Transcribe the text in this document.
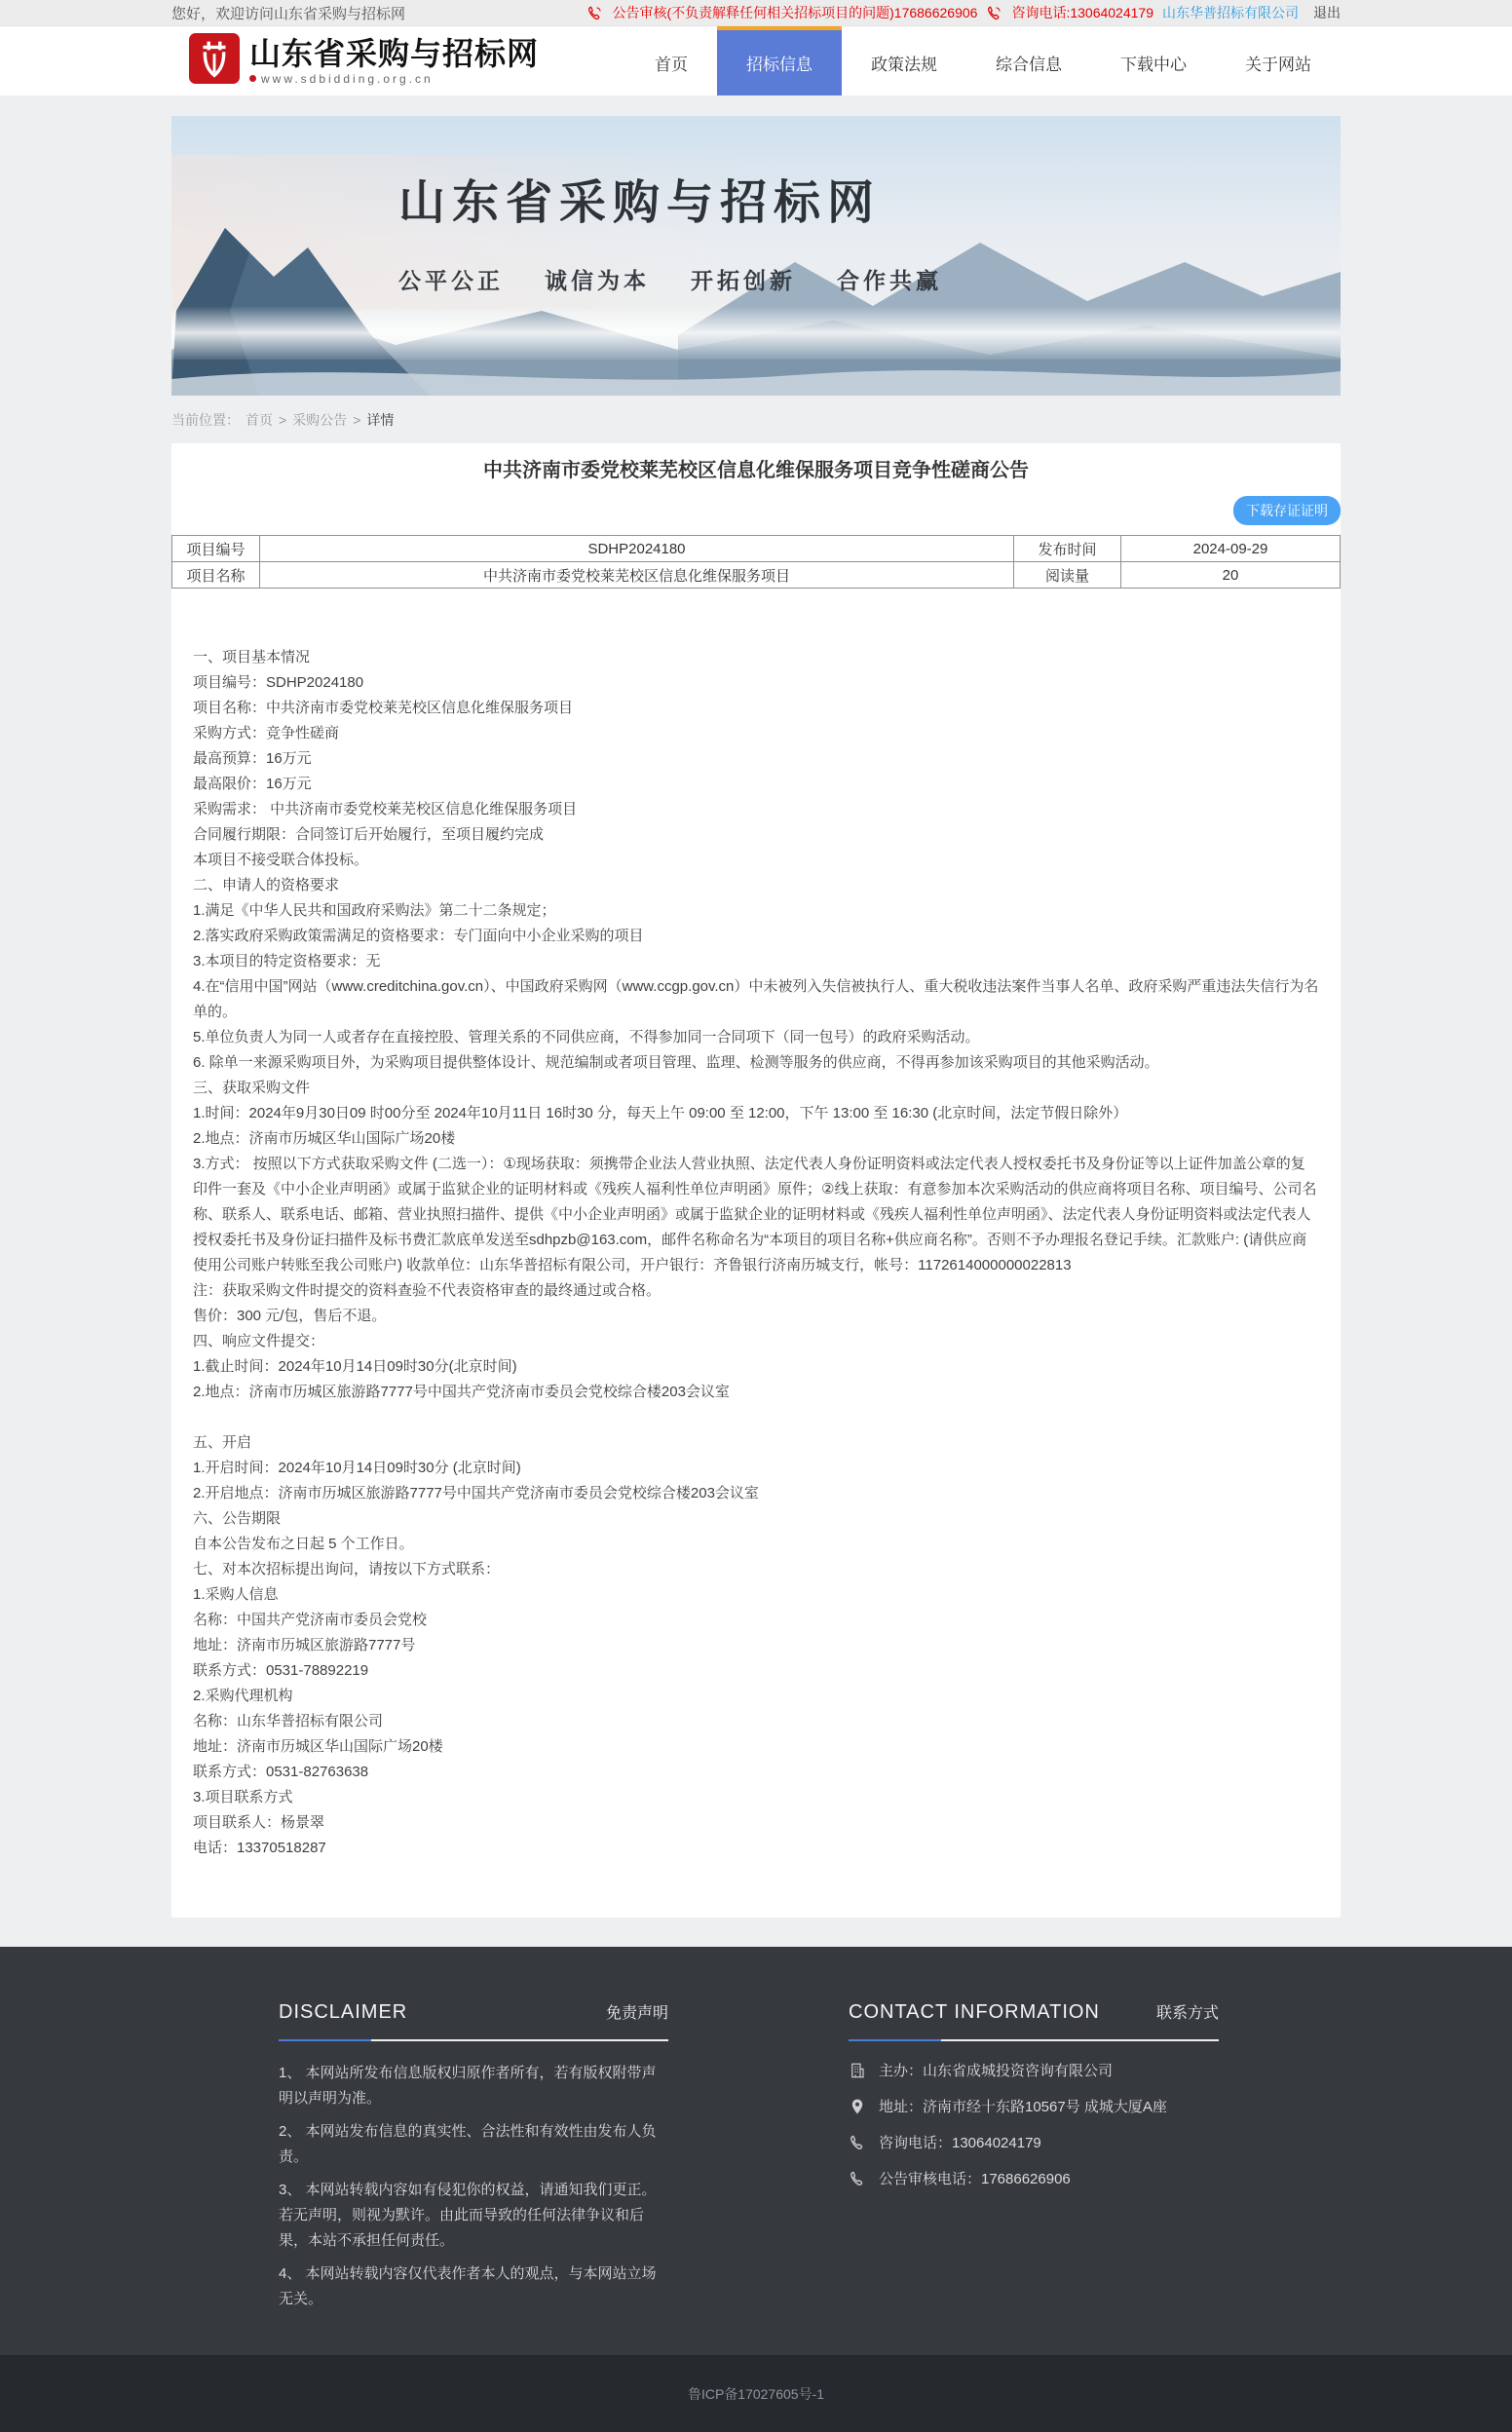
您好，欢迎访问山东省采购与招标网	公告审核(不负责解释任何相关招标项目的问题)17686626906	咨询电话:13064024179 山东华普招标有限公司 退出
山东省采购与招标网
www.sdbidding.org.cn
首页	招标信息	政策法规	综合信息	下载中心	关于网站
山东省采购与招标网
公平公正 诚信为本 开拓创新 合作共赢
当前位置： 首页 > 采购公告 > 详情
中共济南市委党校莱芜校区信息化维保服务项目竞争性磋商公告
下载存证证明
项目编号	SDHP2024180	发布时间	2024-09-29
项目名称	中共济南市委党校莱芜校区信息化维保服务项目	阅读量	20

一、项目基本情况

项目编号：SDHP2024180

项目名称：中共济南市委党校莱芜校区信息化维保服务项目

采购方式：竞争性磋商

最高预算：16万元

最高限价：16万元

采购需求： 中共济南市委党校莱芜校区信息化维保服务项目

合同履行期限：合同签订后开始履行，至项目履约完成

本项目不接受联合体投标。

二、申请人的资格要求

1.满足《中华人民共和国政府采购法》第二十二条规定；

2.落实政府采购政策需满足的资格要求：专门面向中小企业采购的项目

3.本项目的特定资格要求：无

4.在“信用中国”网站（www.creditchina.gov.cn）、中国政府采购网（www.ccgp.gov.cn）中未被列入失信被执行人、重大税收违法案件当事人名单、政府采购严重违法失信行为名单的。

5.单位负责人为同一人或者存在直接控股、管理关系的不同供应商，不得参加同一合同项下（同一包号）的政府采购活动。

6. 除单一来源采购项目外，为采购项目提供整体设计、规范编制或者项目管理、监理、检测等服务的供应商，不得再参加该采购项目的其他采购活动。

三、获取采购文件

1.时间：2024年9月30日09 时00分至 2024年10月11日 16时30 分，每天上午 09:00 至 12:00，下午 13:00 至 16:30 (北京时间，法定节假日除外）

2.地点：济南市历城区华山国际广场20楼

3.方式： 按照以下方式获取采购文件 (二选一）：①现场获取：须携带企业法人营业执照、法定代表人身份证明资料或法定代表人授权委托书及身份证等以上证件加盖公章的复印件一套及《中小企业声明函》或属于监狱企业的证明材料或《残疾人福利性单位声明函》原件；②线上获取：有意参加本次采购活动的供应商将项目名称、项目编号、公司名称、联系人、联系电话、邮箱、营业执照扫描件、提供《中小企业声明函》或属于监狱企业的证明材料或《残疾人福利性单位声明函》、法定代表人身份证明资料或法定代表人授权委托书及身份证扫描件及标书费汇款底单发送至sdhpzb@163.com，邮件名称命名为“本项目的项目名称+供应商名称”。否则不予办理报名登记手续。汇款账户: (请供应商使用公司账户转账至我公司账户) 收款单位：山东华普招标有限公司，开户银行：齐鲁银行济南历城支行，帐号：1172614000000022813

注：获取采购文件时提交的资料查验不代表资格审查的最终通过或合格。

售价：300 元/包，售后不退。

四、响应文件提交：

1.截止时间：2024年10月14日09时30分(北京时间)

2.地点：济南市历城区旅游路7777号中国共产党济南市委员会党校综合楼203会议室

五、开启

1.开启时间：2024年10月14日09时30分 (北京时间)

2.开启地点：济南市历城区旅游路7777号中国共产党济南市委员会党校综合楼203会议室

六、公告期限

自本公告发布之日起 5 个工作日。

七、对本次招标提出询问，请按以下方式联系：

1.采购人信息

名称：中国共产党济南市委员会党校

地址：济南市历城区旅游路7777号

联系方式：0531-78892219

2.采购代理机构

名称：山东华普招标有限公司

地址：济南市历城区华山国际广场20楼

联系方式：0531-82763638

3.项目联系方式

项目联系人：杨景翠

电话：13370518287

DISCLAIMER	免责声明

1、 本网站所发布信息版权归原作者所有，若有版权附带声明以声明为准。

2、 本网站发布信息的真实性、合法性和有效性由发布人负责。

3、 本网站转载内容如有侵犯你的权益，请通知我们更正。若无声明，则视为默许。由此而导致的任何法律争议和后果，本站不承担任何责任。

4、 本网站转载内容仅代表作者本人的观点，与本网站立场无关。

CONTACT INFORMATION	联系方式
主办：山东省成城投资咨询有限公司
地址：济南市经十东路10567号 成城大厦A座
咨询电话：13064024179
公告审核电话：17686626906
鲁ICP备17027605号-1
